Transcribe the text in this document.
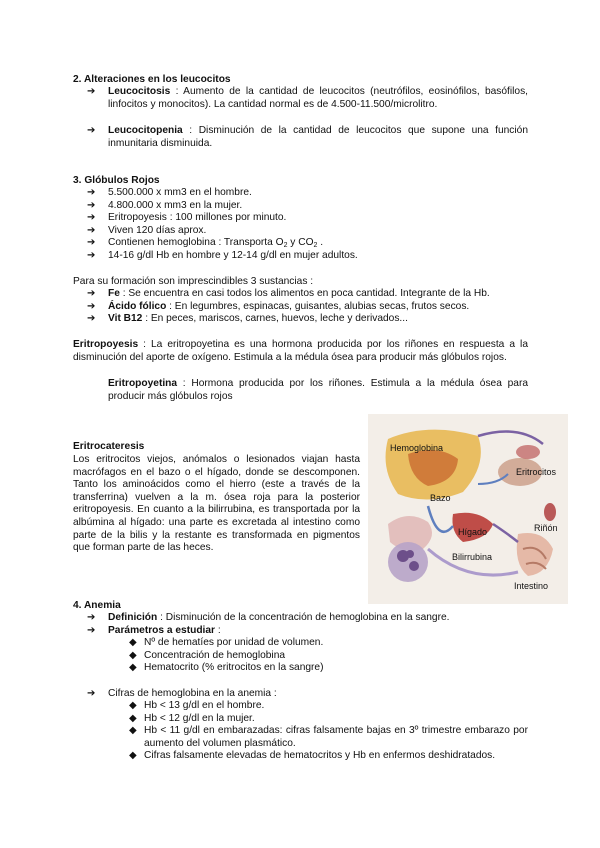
2. Alteraciones en los leucocitos
➔ Leucocitosis : Aumento de la cantidad de leucocitos (neutrófilos, eosinófilos, basófilos, linfocitos y monocitos). La cantidad normal es de 4.500-11.500/microlitro.
➔ Leucocitopenia : Disminución de la cantidad de leucocitos que supone una función inmunitaria disminuida.
3. Glóbulos Rojos
➔ 5.500.000 x mm3 en el hombre.
➔ 4.800.000 x mm3 en la mujer.
➔ Eritropoyesis : 100 millones por minuto.
➔ Viven 120 días aprox.
➔ Contienen hemoglobina : Transporta $O_2$ y $CO_2$ .
➔ 14-16 g/dl Hb en hombre y 12-14 g/dl en mujer adultos.
Para su formación son imprescindibles 3 sustancias :
➔ Fe : Se encuentra en casi todos los alimentos en poca cantidad. Integrante de la Hb.
➔ Ácido fólico : En legumbres, espinacas, guisantes, alubias secas, frutos secos.
➔ Vit B12 : En peces, mariscos, carnes, huevos, leche y derivados...
Eritropoyesis : La eritropoyetina es una hormona producida por los riñones en respuesta a la disminución del aporte de oxígeno. Estimula a la médula ósea para producir más glóbulos rojos.
Eritropoyetina : Hormona producida por los riñones. Estimula a la médula ósea para producir más glóbulos rojos
Eritrocateresis
Los eritrocitos viejos, anómalos o lesionados viajan hasta macrófagos en el bazo o el hígado, donde se descomponen. Tanto los aminoácidos como el hierro (este a través de la transferrina) vuelven a la m. ósea roja para la posterior eritropoyesis. En cuanto a la bilirrubina, es transportada por la albúmina al hígado: una parte es excretada al intestino como parte de la bilis y la restante es transformada en pigmentos que forman parte de las heces.
Hemoglobina
Eritrocitos
Hígado
Bilirrubina
Bazo
Riñón
Intestino
4. Anemia
➔ Definición : Disminución de la concentración de hemoglobina en la sangre.
➔ Parámetros a estudiar :
◆ Nº de hematíes por unidad de volumen.
◆ Concentración de hemoglobina
◆ Hematocrito (% eritrocitos en la sangre)
➔ Cifras de hemoglobina en la anemia :
◆ Hb < 13 g/dl en el hombre.
◆ Hb < 12 g/dl en la mujer.
◆ Hb < 11 g/dl en embarazadas: cifras falsamente bajas en 3º trimestre embarazo por aumento del volumen plasmático.
◆ Cifras falsamente elevadas de hematocritos y Hb en enfermos deshidratados.
